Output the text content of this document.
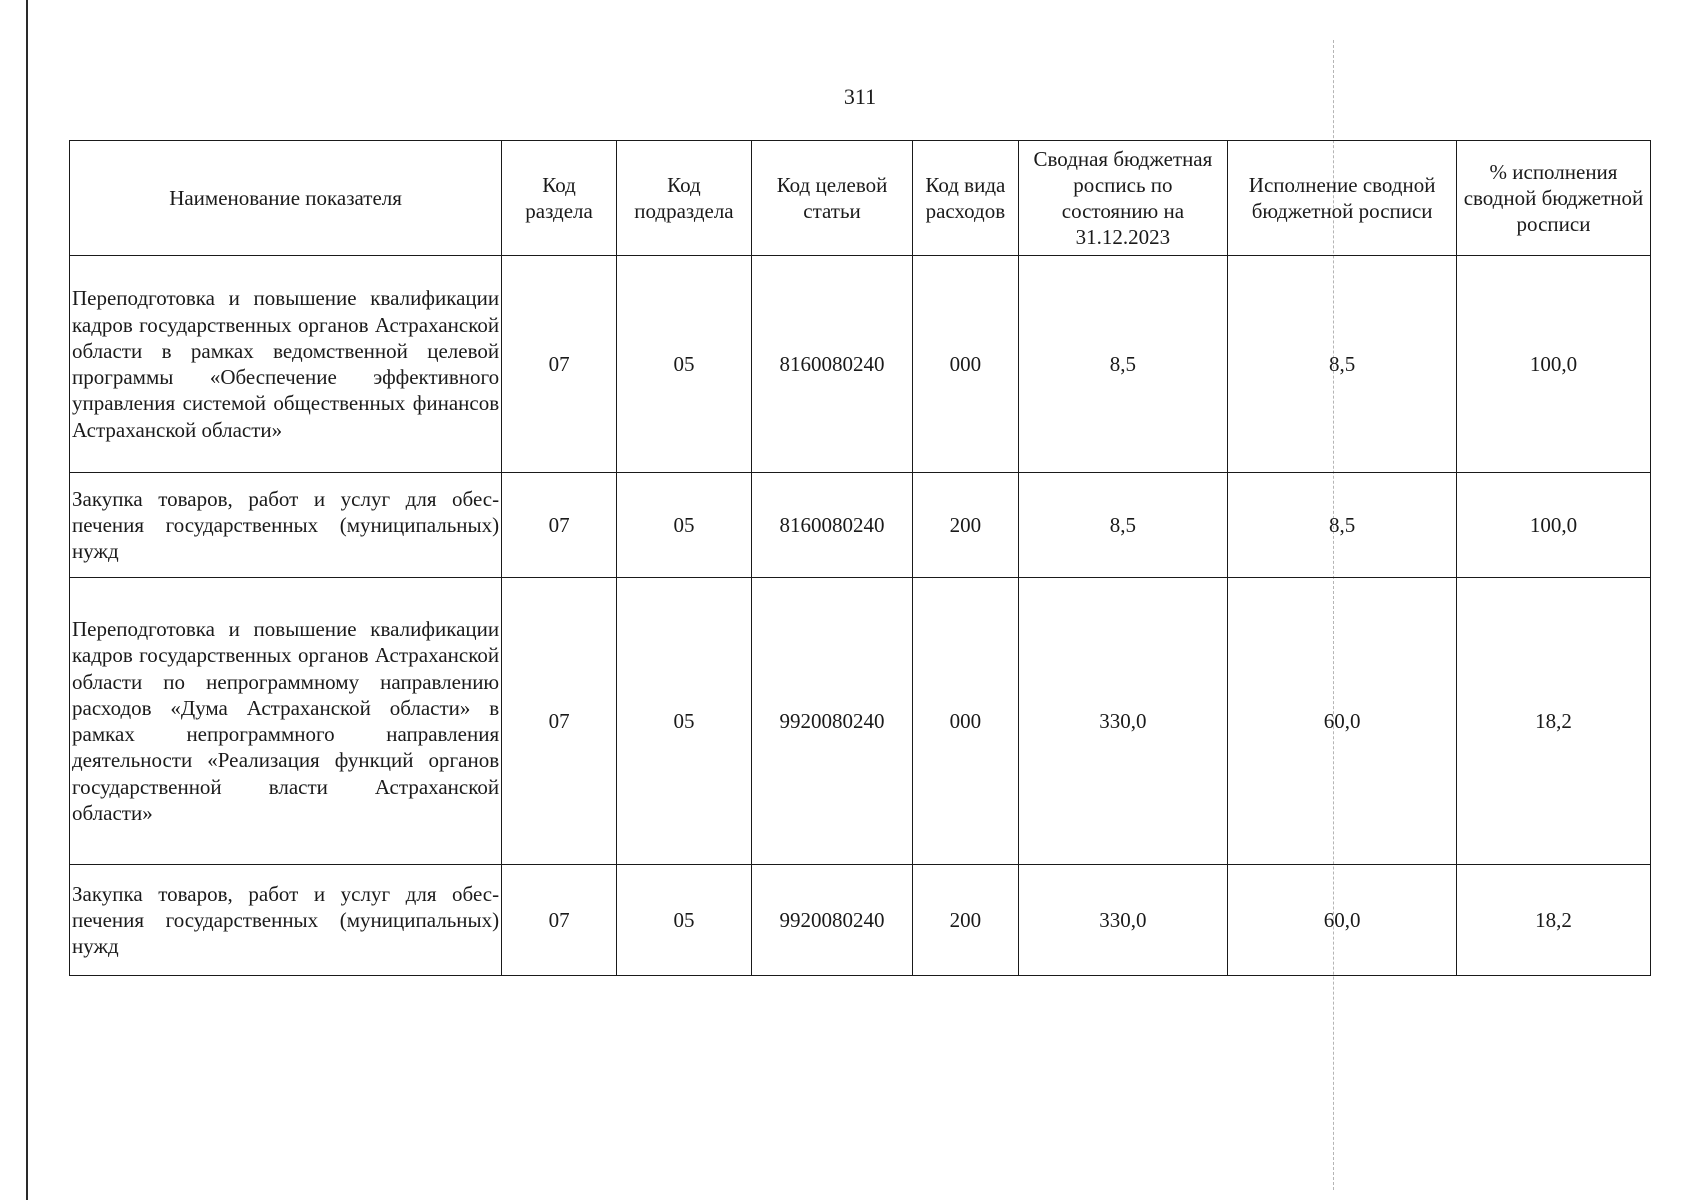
311
Наименование показателя	Код раздела	Код подраздела	Код целевой статьи	Код вида расходов	Сводная бюджетная роспись по состоянию на 31.12.2023	Исполнение сводной бюджетной росписи	% исполнения сводной бюджетной росписи
Переподготовка и повышение квалификации кадров государственных органов Астраханской области в рамках ведомственной целевой программы «Обеспечение эффективного управления системой общественных финансов Астраханской области»	07	05	8160080240	000	8,5	8,5	100,0
Закупка товаров, работ и услуг для обеспечения государственных (муниципальных) нужд	07	05	8160080240	200	8,5	8,5	100,0
Переподготовка и повышение квалификации кадров государственных органов Астраханской области по непрограммному направлению расходов «Дума Астраханской области» в рамках непрограммного направления деятельности «Реализация функций органов государственной власти Астраханской области»	07	05	9920080240	000	330,0	60,0	18,2
Закупка товаров, работ и услуг для обеспечения государственных (муниципальных) нужд	07	05	9920080240	200	330,0	60,0	18,2
